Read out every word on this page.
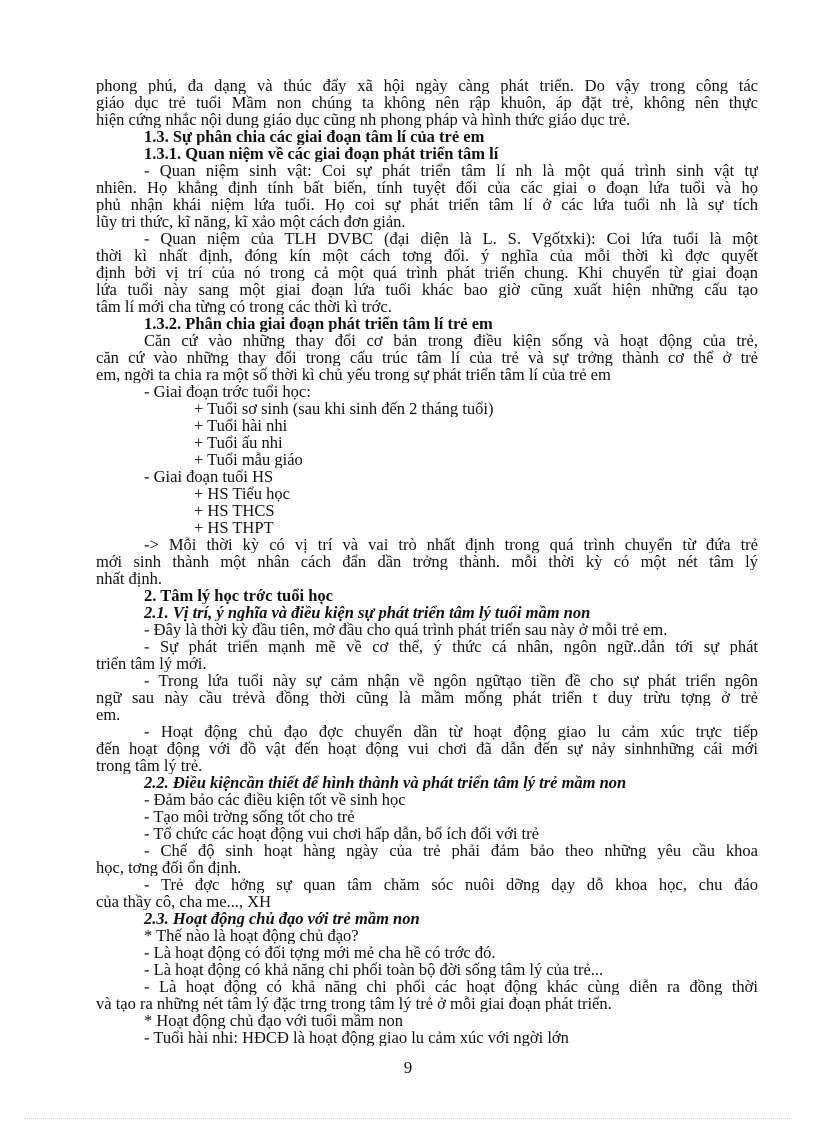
phong phú, đa dạng và thúc đẩy xã hội ngày càng phát triển. Do vậy trong công tác
giáo dục trẻ tuổi Mầm non chúng ta không nên rập khuôn, áp đặt trẻ, không nên thực
hiện cứng nhắc nội dung giáo dục cũng nh phong pháp và hình thức giáo dục trẻ.
1.3. Sự phân chia các giai đoạn tâm lí của trẻ em
1.3.1. Quan niệm về các giai đoạn phát triển tâm lí
- Quan niệm sinh vật: Coi sự phát triển tâm lí nh là một quá trình sinh vật tự
nhiên. Họ khẳng định tính bất biến, tính tuyệt đối của các giai o đoạn lứa tuổi và họ
phủ nhận khái niệm lứa tuổi. Họ coi sự phát triển tâm lí ở các lứa tuổi nh là sự tích
lũy tri thức, kĩ năng, kĩ xảo một cách đơn giản.
- Quan niệm của TLH DVBC (đại diện là L. S. Vgốtxki): Coi lứa tuổi là một
thời kì nhất định, đóng kín một cách tơng đối. ý nghĩa của mỗi thời kì đợc quyết
định bởi vị trí của nó trong cả một quá trình phát triển chung. Khi chuyển từ giai đoạn
lứa tuổi này sang một giai đoạn lứa tuổi khác bao giờ cũng xuất hiện những cấu tạo
tâm lí mới cha từng có trong các thời kì trớc.
1.3.2. Phân chia giai đoạn phát triển tâm lí trẻ em
Căn cứ vào những thay đổi cơ bản trong điều kiện sống và hoạt động của trẻ,
căn cứ vào những thay đổi trong cấu trúc tâm lí của trẻ và sự trởng thành cơ thể ở trẻ
em, ngời ta chia ra một số thời kì chủ yếu trong sự phát triển tâm lí của trẻ em
- Giai đoạn trớc tuổi học:
+ Tuổi sơ sinh (sau khi sinh đến 2 tháng tuổi)
+ Tuổi hài nhi
+ Tuổi ấu nhi
+ Tuổi mẫu giáo
- Giai đoạn tuổi HS
+ HS Tiểu học
+ HS THCS
+ HS THPT
-> Mỗi thời kỳ có vị trí và vai trò nhất định trong quá trình chuyển từ đứa trẻ
mới sinh thành một nhân cách đẩn dần trởng thành. mỗi thời kỳ có một nét tâm lý
nhất định.
2. Tâm lý học trớc tuổi học
2.1. Vị trí, ý nghĩa và điều kiện sự phát triển tâm lý tuổi mầm non
- Đây là thời kỳ đầu tiên, mở đầu cho quá trình phát triển sau này ở mỗi trẻ em.
- Sự phát triển mạnh mẽ về cơ thể, ý thức cá nhân, ngôn ngữ..dẫn tới sự phát
triển tâm lý mới.
- Trong lứa tuổi này sự cảm nhận về ngôn ngữtạo tiền đề cho sự phát triển ngôn
ngữ sau này cầu trẻvà đồng thời cũng là mầm mống phát triển t duy trừu tợng ở trẻ
em.
- Hoạt động chủ đạo đợc chuyển dần từ hoạt động giao lu cảm xúc trực tiếp
đến hoạt động với đồ vật đến hoạt động vui chơi đã dẫn đến sự nảy sinhnhững cái mới
trong tâm lý trẻ.
2.2. Điều kiệncần thiết để hình thành và phát triển tâm lý trẻ mầm non
- Đảm bảo các điều kiện tốt về sinh học
- Tạo môi trờng sống tốt cho trẻ
- Tổ chức các hoạt động vui chơi hấp dẫn, bổ ích đối với trẻ
- Chế độ sinh hoạt hàng ngày của trẻ phải đảm bảo theo những yêu cầu khoa
học, tơng đối ổn định.
- Trẻ đợc hởng sự quan tâm chăm sóc nuôi dỡng dạy dỗ khoa học, chu đáo
của thầy cô, cha me..., XH
2.3. Hoạt động chủ đạo với trẻ mầm non
* Thế nào là hoạt động chủ đạo?
- Là hoạt động có đối tợng mới mẻ cha hề có trớc đó.
- Là hoạt động có khả năng chi phối toàn bộ đời sống tâm lý của trẻ...
- Là hoạt động có khả năng chi phối các hoạt động khác cùng diễn ra đồng thời
và tạo ra những nét tâm lý đặc trng trong tâm lý trẻ ở mỗi giai đoạn phát triển.
* Hoạt động chủ đạo với tuổi mầm non
- Tuổi hài nhi: HĐCĐ là hoạt động giao lu cảm xúc với ngời lớn
9
